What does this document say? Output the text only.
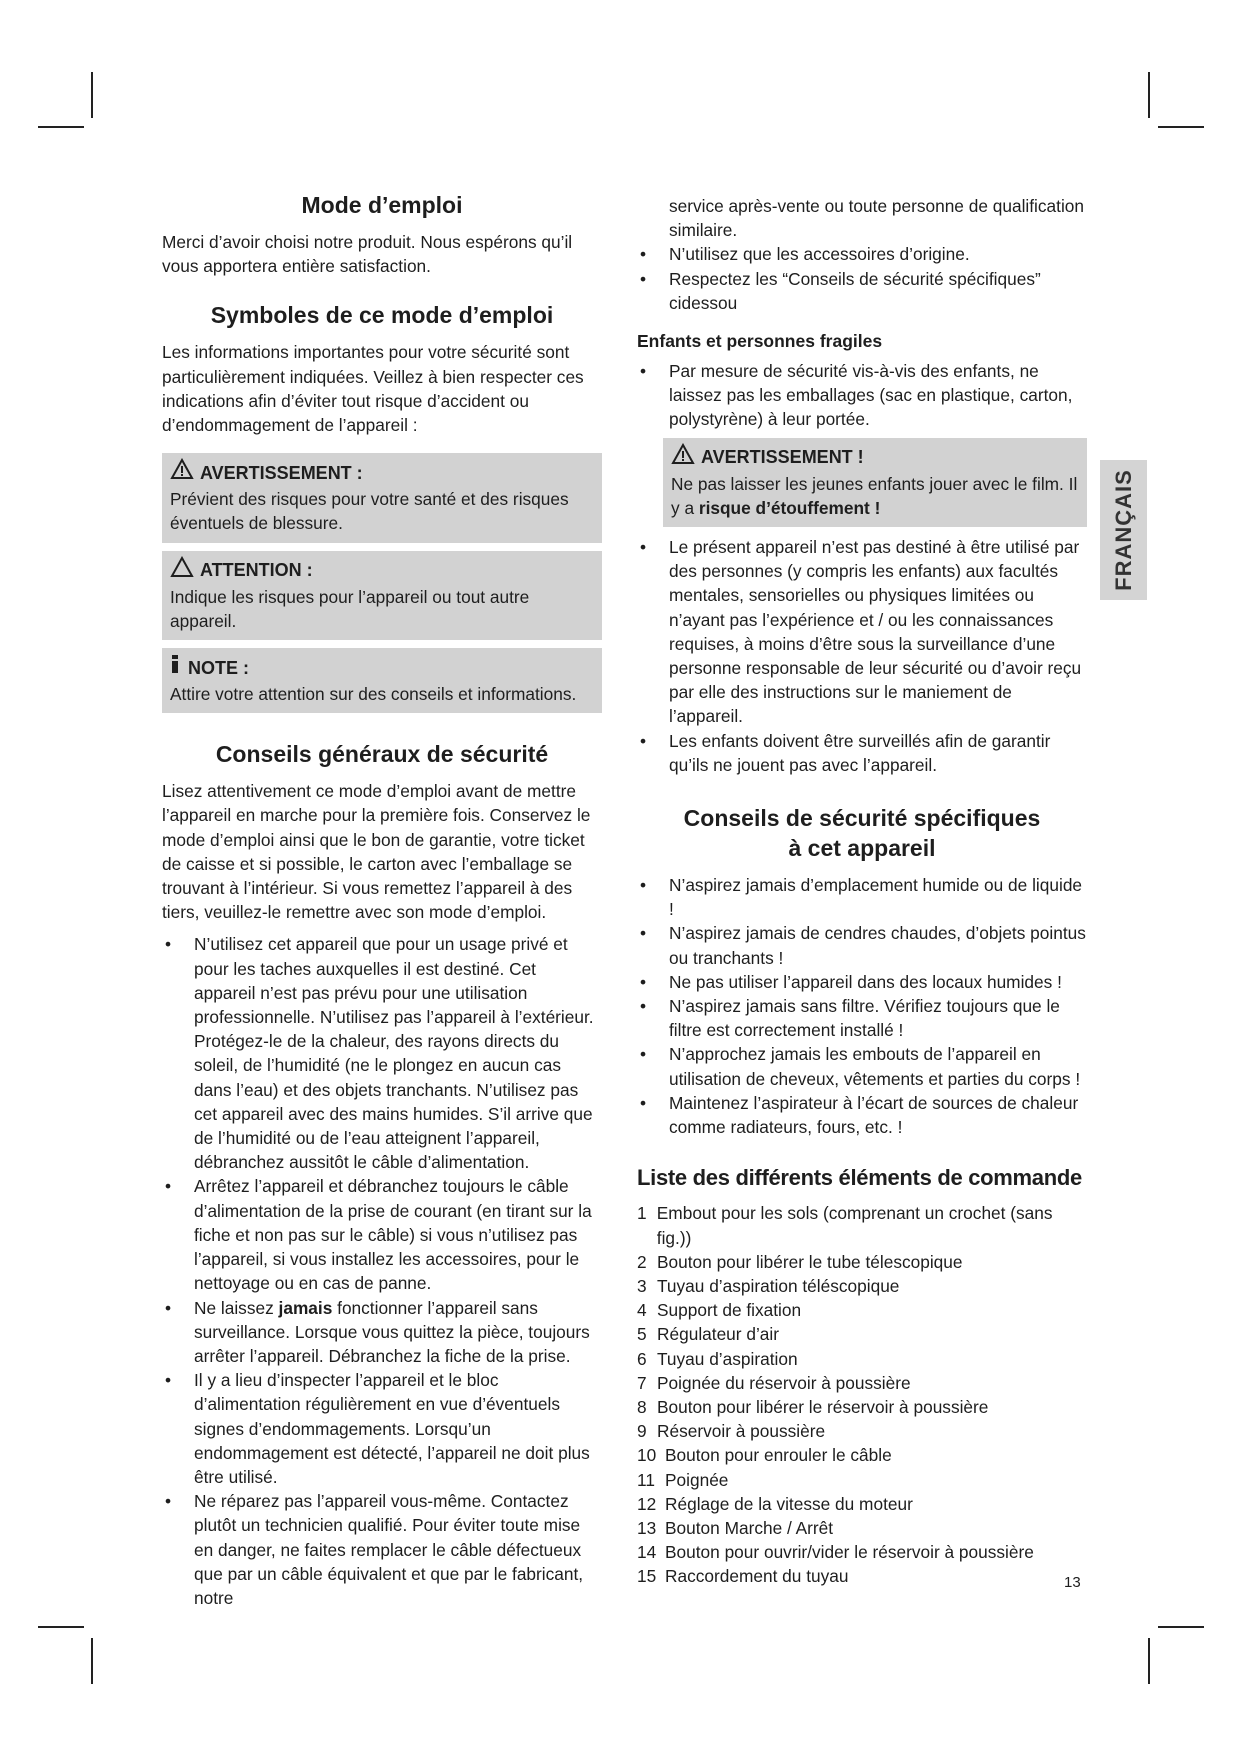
Mode d’emploi

Merci d’avoir choisi notre produit. Nous espérons qu’il vous apportera entière satisfaction.

Symboles de ce mode d’emploi

Les informations importantes pour votre sécurité sont particulièrement indiquées. Veillez à bien respecter ces indications afin d’éviter tout risque d’accident ou d’endommagement de l’appareil :

AVERTISSEMENT :

Prévient des risques pour votre santé et des risques éventuels de blessure.

ATTENTION :

Indique les risques pour l’appareil ou tout autre appareil.

NOTE :

Attire votre attention sur des conseils et informations.

Conseils généraux de sécurité

Lisez attentivement ce mode d’emploi avant de mettre l’appareil en marche pour la première fois. Conservez le mode d’emploi ainsi que le bon de garantie, votre ticket de caisse et si possible, le carton avec l’emballage se trouvant à l’intérieur. Si vous remettez l’appareil à des tiers, veuillez-le remettre avec son mode d’emploi.

• N’utilisez cet appareil que pour un usage privé et pour les taches auxquelles il est destiné. Cet appareil n’est pas prévu pour une utilisation professionnelle. N’utilisez pas l’appareil à l’extérieur. Protégez-le de la chaleur, des rayons directs du soleil, de l’humidité (ne le plongez en aucun cas dans l’eau) et des objets tranchants. N’utilisez pas cet appareil avec des mains humides. S’il arrive que de l’humidité ou de l’eau atteignent l’appareil, débranchez aussitôt le câble d’alimentation.
• Arrêtez l’appareil et débranchez toujours le câble d’alimentation de la prise de courant (en tirant sur la fiche et non pas sur le câble) si vous n’utilisez pas l’appareil, si vous installez les accessoires, pour le nettoyage ou en cas de panne.
• Ne laissez jamais fonctionner l’appareil sans surveillance. Lorsque vous quittez la pièce, toujours arrêter l’appareil. Débranchez la fiche de la prise.
• Il y a lieu d’inspecter l’appareil et le bloc d’alimentation régulièrement en vue d’éventuels signes d’endommagements. Lorsqu’un endommagement est détecté, l’appareil ne doit plus être utilisé.
• Ne réparez pas l’appareil vous-même. Contactez plutôt un technicien qualifié. Pour éviter toute mise en danger, ne faites remplacer le câble défectueux que par un câble équivalent et que par le fabricant, notre

service après-vente ou toute personne de qualification similaire.

• N’utilisez que les accessoires d’origine.
• Respectez les “Conseils de sécurité spécifiques” cidessou
Enfants et personnes fragiles
• Par mesure de sécurité vis-à-vis des enfants, ne laissez pas les emballages (sac en plastique, carton, polystyrène) à leur portée.
AVERTISSEMENT !

Ne pas laisser les jeunes enfants jouer avec le film. Il y a risque d’étouffement !

• Le présent appareil n’est pas destiné à être utilisé par des personnes (y compris les enfants) aux facultés mentales, sensorielles ou physiques limitées ou n’ayant pas l’expérience et / ou les connaissances requises, à moins d’être sous la surveillance d’une personne responsable de leur sécurité ou d’avoir reçu par elle des instructions sur le maniement de l’appareil.
• Les enfants doivent être surveillés afin de garantir qu’ils ne jouent pas avec l’appareil.
Conseils de sécurité spécifiques
à cet appareil
• N’aspirez jamais d’emplacement humide ou de liquide !
• N’aspirez jamais de cendres chaudes, d’objets pointus ou tranchants !
• Ne pas utiliser l’appareil dans des locaux humides !
• N’aspirez jamais sans filtre. Vérifiez toujours que le filtre est correctement installé !
• N’approchez jamais les embouts de l’appareil en utilisation de cheveux, vêtements et parties du corps !
• Maintenez l’aspirateur à l’écart de sources de chaleur comme radiateurs, fours, etc. !
Liste des différents éléments de commande
1 Embout pour les sols (comprenant un crochet (sans fig.))
2 Bouton pour libérer le tube télescopique
3 Tuyau d’aspiration téléscopique
4 Support de fixation
5 Régulateur d’air
6 Tuyau d’aspiration
7 Poignée du réservoir à poussière
8 Bouton pour libérer le réservoir à poussière
9 Réservoir à poussière
10 Bouton pour enrouler le câble
11 Poignée
12 Réglage de la vitesse du moteur
13 Bouton Marche / Arrêt
14 Bouton pour ouvrir/vider le réservoir à poussière
15 Raccordement du tuyau
FRANÇAIS
13
